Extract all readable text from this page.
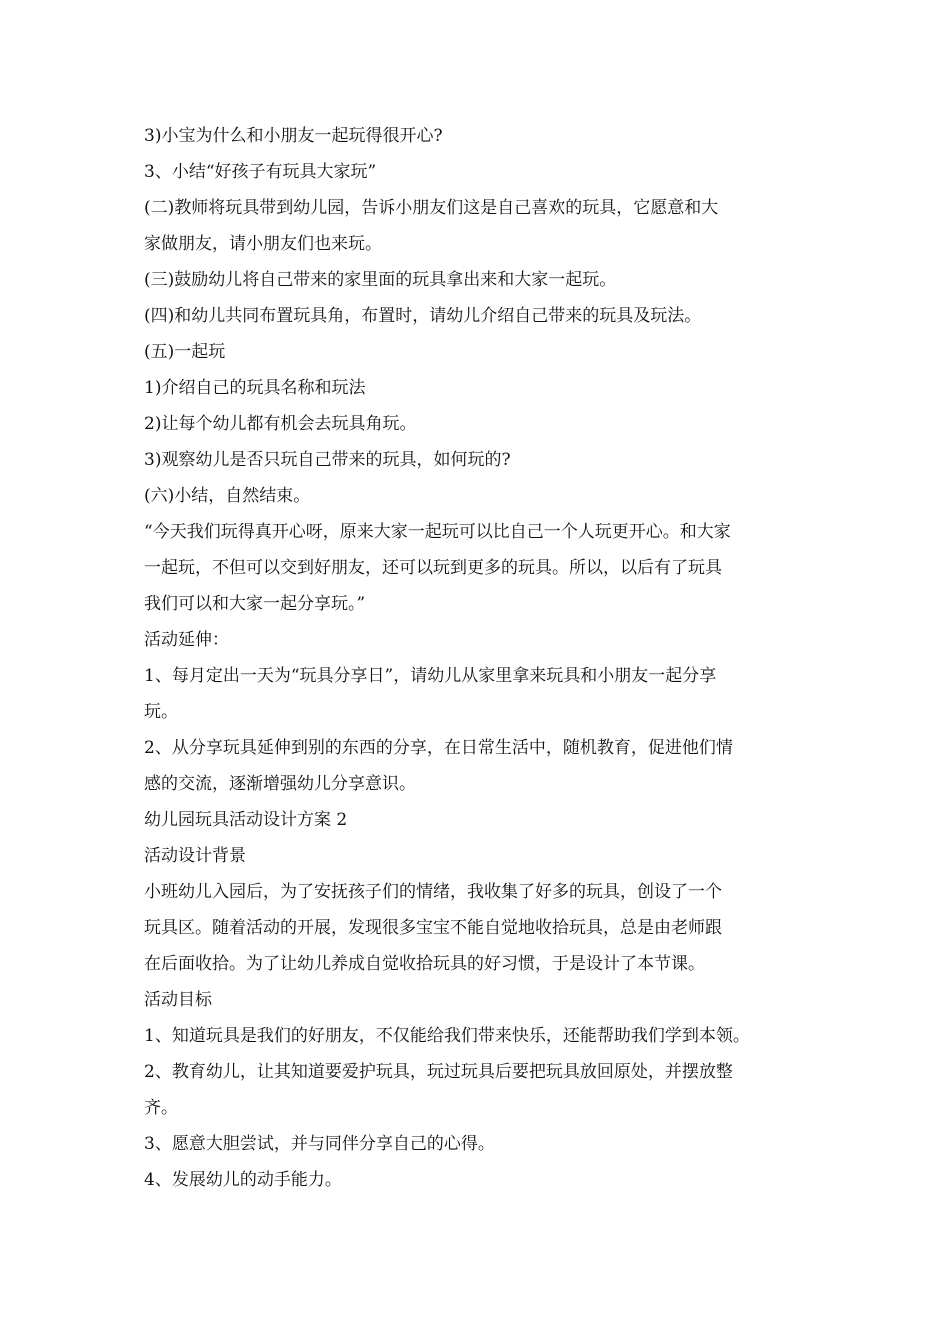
3)小宝为什么和小朋友一起玩得很开心?

3、小结“好孩子有玩具大家玩”

(二)教师将玩具带到幼儿园，告诉小朋友们这是自己喜欢的玩具，它愿意和大

家做朋友，请小朋友们也来玩。

(三)鼓励幼儿将自己带来的家里面的玩具拿出来和大家一起玩。

(四)和幼儿共同布置玩具角，布置时，请幼儿介绍自己带来的玩具及玩法。

(五)一起玩

1)介绍自己的玩具名称和玩法

2)让每个幼儿都有机会去玩具角玩。

3)观察幼儿是否只玩自己带来的玩具，如何玩的?

(六)小结，自然结束。

“今天我们玩得真开心呀，原来大家一起玩可以比自己一个人玩更开心。和大家

一起玩，不但可以交到好朋友，还可以玩到更多的玩具。所以，以后有了玩具

我们可以和大家一起分享玩。”

活动延伸：

1、每月定出一天为“玩具分享日”，请幼儿从家里拿来玩具和小朋友一起分享

玩。

2、从分享玩具延伸到别的东西的分享，在日常生活中，随机教育，促进他们情

感的交流，逐渐增强幼儿分享意识。

幼儿园玩具活动设计方案 2

活动设计背景

小班幼儿入园后，为了安抚孩子们的情绪，我收集了好多的玩具，创设了一个

玩具区。随着活动的开展，发现很多宝宝不能自觉地收拾玩具，总是由老师跟

在后面收拾。为了让幼儿养成自觉收拾玩具的好习惯，于是设计了本节课。

活动目标

1、知道玩具是我们的好朋友，不仅能给我们带来快乐，还能帮助我们学到本领。

2、教育幼儿，让其知道要爱护玩具，玩过玩具后要把玩具放回原处，并摆放整

齐。

3、愿意大胆尝试，并与同伴分享自己的心得。

4、发展幼儿的动手能力。
